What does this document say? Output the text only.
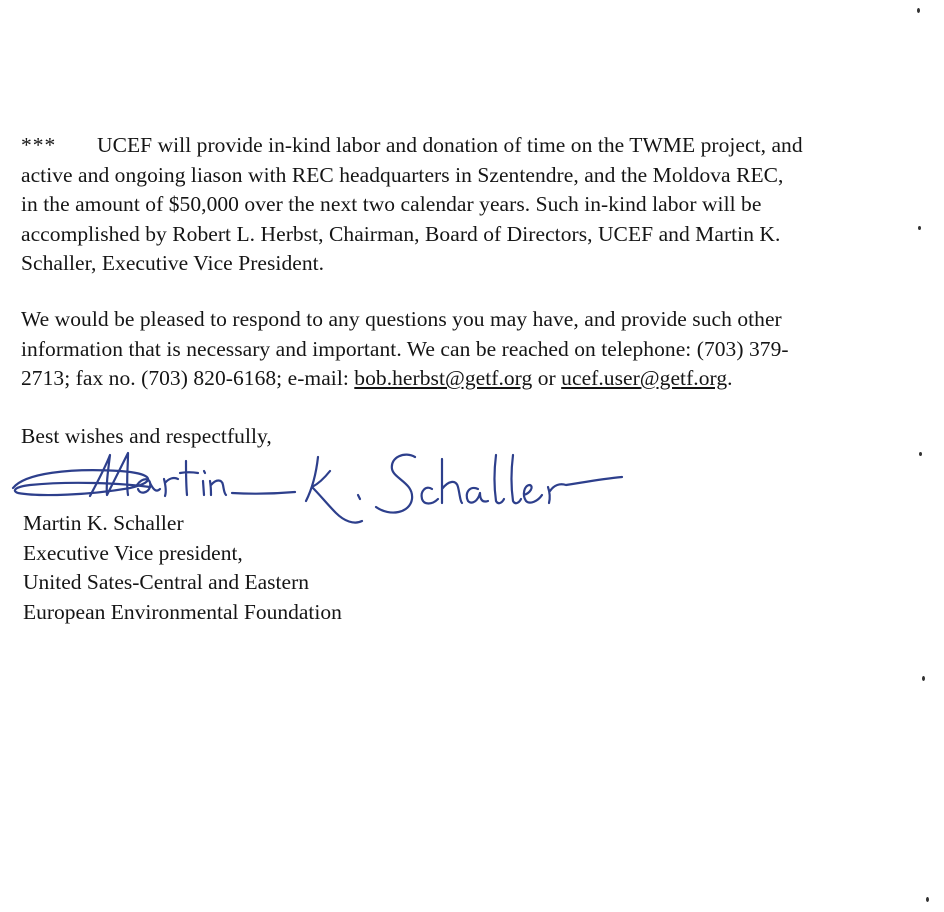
*** UCEF will provide in-kind labor and donation of time on the TWME project, and
active and ongoing liason with REC headquarters in Szentendre, and the Moldova REC,
in the amount of $50,000 over the next two calendar years. Such in-kind labor will be
accomplished by Robert L. Herbst, Chairman, Board of Directors, UCEF and Martin K.
Schaller, Executive Vice President.
We would be pleased to respond to any questions you may have, and provide such other
information that is necessary and important. We can be reached on telephone: (703) 379-
2713; fax no. (703) 820-6168; e-mail: bob.herbst@getf.org or ucef.user@getf.org.
Best wishes and respectfully,
Martin K. Schaller
Executive Vice president,
United Sates-Central and Eastern
European Environmental Foundation
